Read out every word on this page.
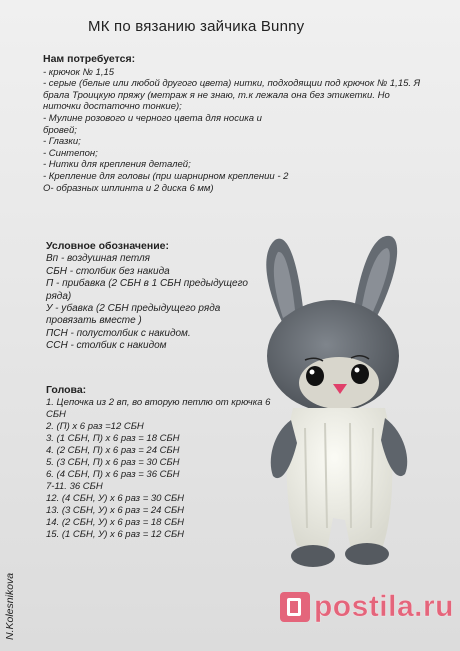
МК по вязанию зайчика Bunny
Нам потребуется:
- крючок № 1,15
- серые (белые или любой другого цвета) нитки, подходящии под крючок № 1,15. Я брала Троицкую пряжу (метраж я не знаю, т.к лежала она без этикетки. Но ниточки достаточно тонкие);
- Мулине розового и черного цвета для носика и бровей;
- Глазки;
- Синтепон;
- Нитки для крепления деталей;
- Крепление для головы (при шарнирном креплении - 2 О- образных шплинта и 2 диска 6 мм)
Условное обозначение:
Вп - воздушная петля
СБН - столбик без накида
П - прибавка (2 СБН в 1 СБН предыдущего ряда)
У - убавка (2 СБН предыдущего ряда провязать вместе )
ПСН - полустолбик с накидом.
ССН - столбик с накидом
Голова:
1. Цепочка из 2 вп, во вторую петлю от крючка 6 СБН
2. (П) х 6 раз =12 СБН
3. (1 СБН, П) х 6 раз = 18 СБН
4. (2 СБН, П) х 6 раз = 24 СБН
5. (3 СБН, П) х 6 раз = 30 СБН
6. (4 СБН, П) х 6 раз = 36 СБН
7-11. 36 СБН
12. (4 СБН, У) х 6 раз = 30 СБН
13. (3 СБН, У) х 6 раз = 24 СБН
14. (2 СБН, У) х 6 раз = 18 СБН
15. (1 СБН, У) х 6 раз = 12 СБН
N.Kolesnikova	postila.ru
